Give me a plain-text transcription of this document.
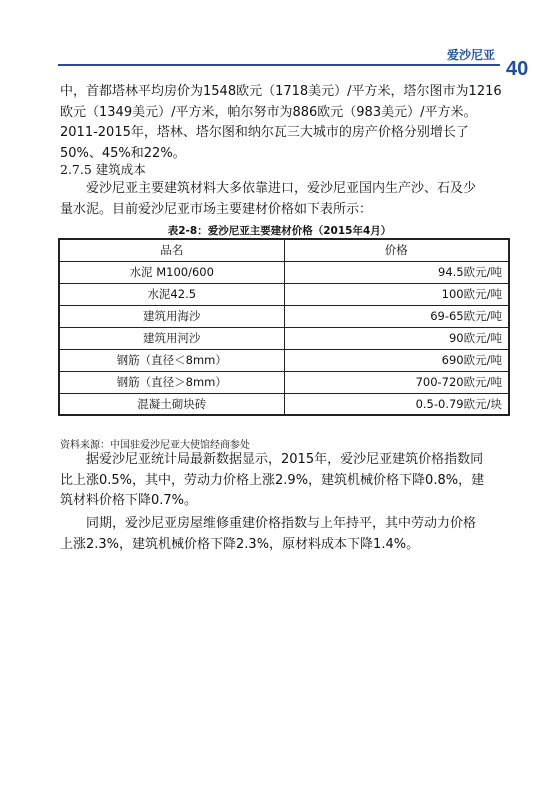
爱沙尼亚
40

中，首都塔林平均房价为1548欧元（1718美元）/平方米，塔尔图市为1216
欧元（1349美元）/平方米，帕尔努市为886欧元（983美元）/平方米。
2011-2015年，塔林、塔尔图和纳尔瓦三大城市的房产价格分别增长了
50%、45%和22%。

2.7.5 建筑成本

爱沙尼亚主要建筑材料大多依靠进口，爱沙尼亚国内生产沙、石及少
量水泥。目前爱沙尼亚市场主要建材价格如下表所示：

表2-8：爱沙尼亚主要建材价格（2015年4月）
品名	价格
水泥 M100/600	94.5欧元/吨
水泥42.5	100欧元/吨
建筑用海沙	69-65欧元/吨
建筑用河沙	90欧元/吨
钢筋（直径＜8mm）	690欧元/吨
钢筋（直径＞8mm）	700-720欧元/吨
混凝土砌块砖	0.5-0.79欧元/块
资料来源：中国驻爱沙尼亚大使馆经商参处

据爱沙尼亚统计局最新数据显示，2015年，爱沙尼亚建筑价格指数同
比上涨0.5%，其中，劳动力价格上涨2.9%，建筑机械价格下降0.8%，建
筑材料价格下降0.7%。

同期，爱沙尼亚房屋维修重建价格指数与上年持平，其中劳动力价格
上涨2.3%，建筑机械价格下降2.3%，原材料成本下降1.4%。
